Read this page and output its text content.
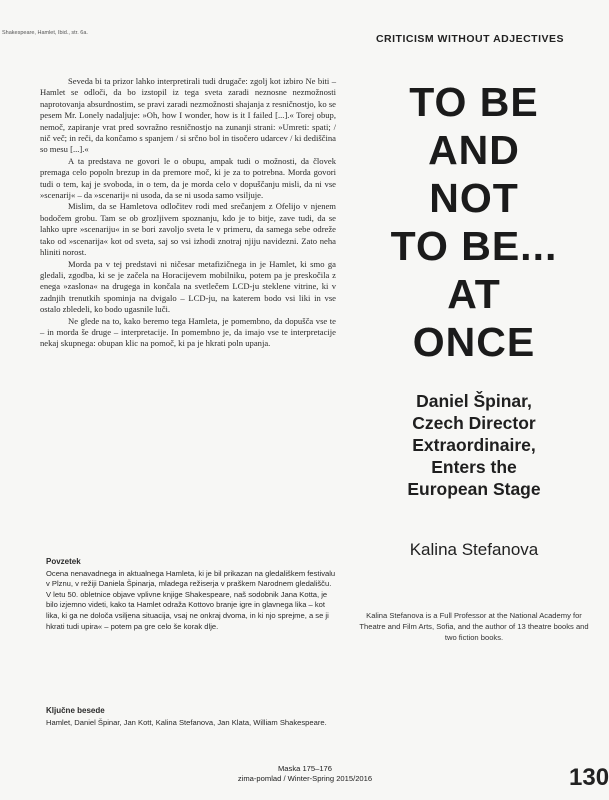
Shakespeare, Hamlet, Ibid., str. 6a.	CRITICISM WITHOUT ADJECTIVES

Seveda bi ta prizor lahko interpretirali tudi drugače: zgolj kot izbiro Ne biti – Hamlet se odloči, da bo izstopil iz tega sveta zaradi neznosne nezmožnosti naprotovanja absurdnostim, se pravi zaradi nezmožnosti shajanja z resničnostjo, ko se pesem Mr. Lonely nadaljuje: »Oh, how I wonder, how is it I failed [...].« Torej obup, nemoč, zapiranje vrat pred sovražno resničnostjo na zunanji strani: »Umreti: spati; / nič več; in reči, da končamo s spanjem / si srčno bol in tisočero udarcev / ki dediščina so mesu [...].«

A ta predstava ne govori le o obupu, ampak tudi o možnosti, da človek premaga celo popoln brezup in da premore moč, ki je za to potrebna. Morda govori tudi o tem, kaj je svoboda, in o tem, da je morda celo v dopuščanju misli, da ni vse »scenarij« – da »scenarij« ni usoda, da se ni usoda samo vsiljuje.

Mislim, da se Hamletova odločitev rodi med srečanjem z Ofelijo v njenem bodočem grobu. Tam se ob grozljivem spoznanju, kdo je to bitje, zave tudi, da se lahko upre »scenariju« in se bori zavoljo sveta le v primeru, da samega sebe odreže tako od »scenarija« kot od sveta, saj so vsi izhodi znotraj njiju navidezni. Zato neha hliniti norost.

Morda pa v tej predstavi ni ničesar metafizičnega in je Hamlet, ki smo ga gledali, zgodba, ki se je začela na Horacijevem mobilniku, potem pa je preskočila z enega »zaslona« na drugega in končala na svetlečem LCD-ju steklene vitrine, ki v zadnjih trenutkih spominja na dvigalo – LCD-ju, na katerem bodo vsi liki in vse ostalo zbledeli, ko bodo ugasnile luči.

Ne glede na to, kako beremo tega Hamleta, je pomembno, da dopušča vse te – in morda še druge – interpretacije. In pomembno je, da imajo vse te interpretacije nekaj skupnega: obupan klic na pomoč, ki pa je hkrati poln upanja.

Povzetek

Ocena nenavadnega in aktualnega Hamleta, ki je bil prikazan na gledališkem festivalu v Plznu, v režiji Daniela Špinarja, mladega režiserja v praškem Narodnem gledališču. V letu 50. obletnice objave vplivne knjige Shakespeare, naš sodobnik Jana Kotta, je bilo izjemno videti, kako ta Hamlet odraža Kottovo branje igre in glavnega lika – kot lika, ki ga ne določa vsiljena situacija, vsaj ne onkraj dvoma, in ki njo sprejme, a se ji hkrati tudi upira« – potem pa gre celo še korak dlje.

Ključne besede

Hamlet, Daniel Špinar, Jan Kott, Kalina Stefanova, Jan Klata, William Shakespeare.

TO BE
AND
NOT
TO BE...
AT
ONCE
Daniel Špinar,
Czech Director
Extraordinaire,
Enters the
European Stage
Kalina Stefanova
Kalina Stefanova is a Full Professor at the National Academy for Theatre and Film Arts, Sofia, and the author of 13 theatre books and two fiction books.
Maska 175–176
zima-pomlad / Winter-Spring 2015/2016	130
